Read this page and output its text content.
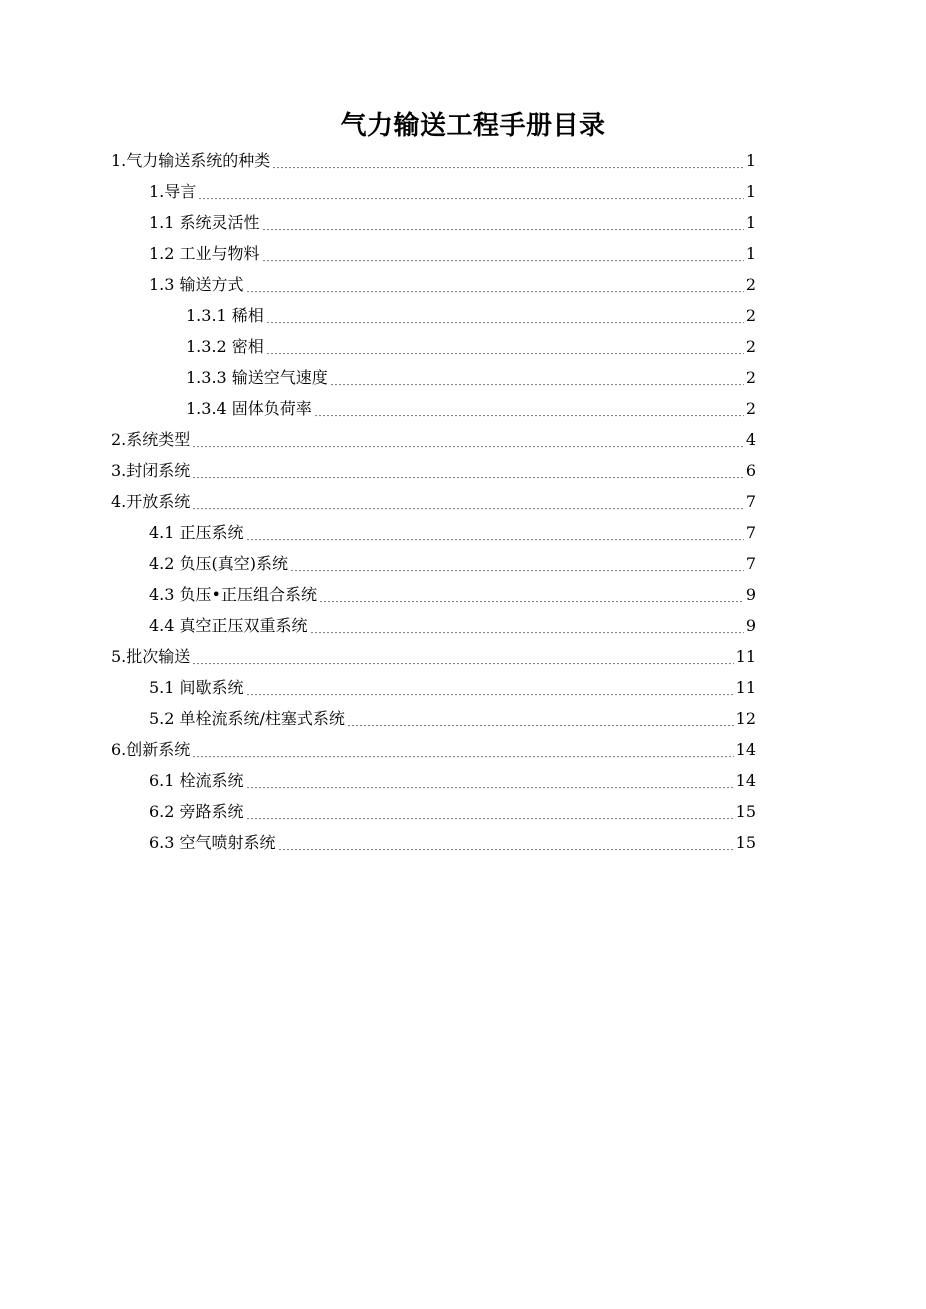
气力输送工程手册目录
1.气力输送系统的种类	1
1.导言	1
1.1 系统灵活性	1
1.2 工业与物料	1
1.3 输送方式	2
1.3.1 稀相	2
1.3.2 密相	2
1.3.3 输送空气速度	2
1.3.4 固体负荷率	2
2.系统类型	4
3.封闭系统	6
4.开放系统	7
4.1 正压系统	7
4.2 负压(真空)系统	7
4.3 负压•正压组合系统	9
4.4 真空正压双重系统	9
5.批次输送	11
5.1 间歇系统	11
5.2 单栓流系统/柱塞式系统	12
6.创新系统	14
6.1 栓流系统	14
6.2 旁路系统	15
6.3 空气喷射系统	15
